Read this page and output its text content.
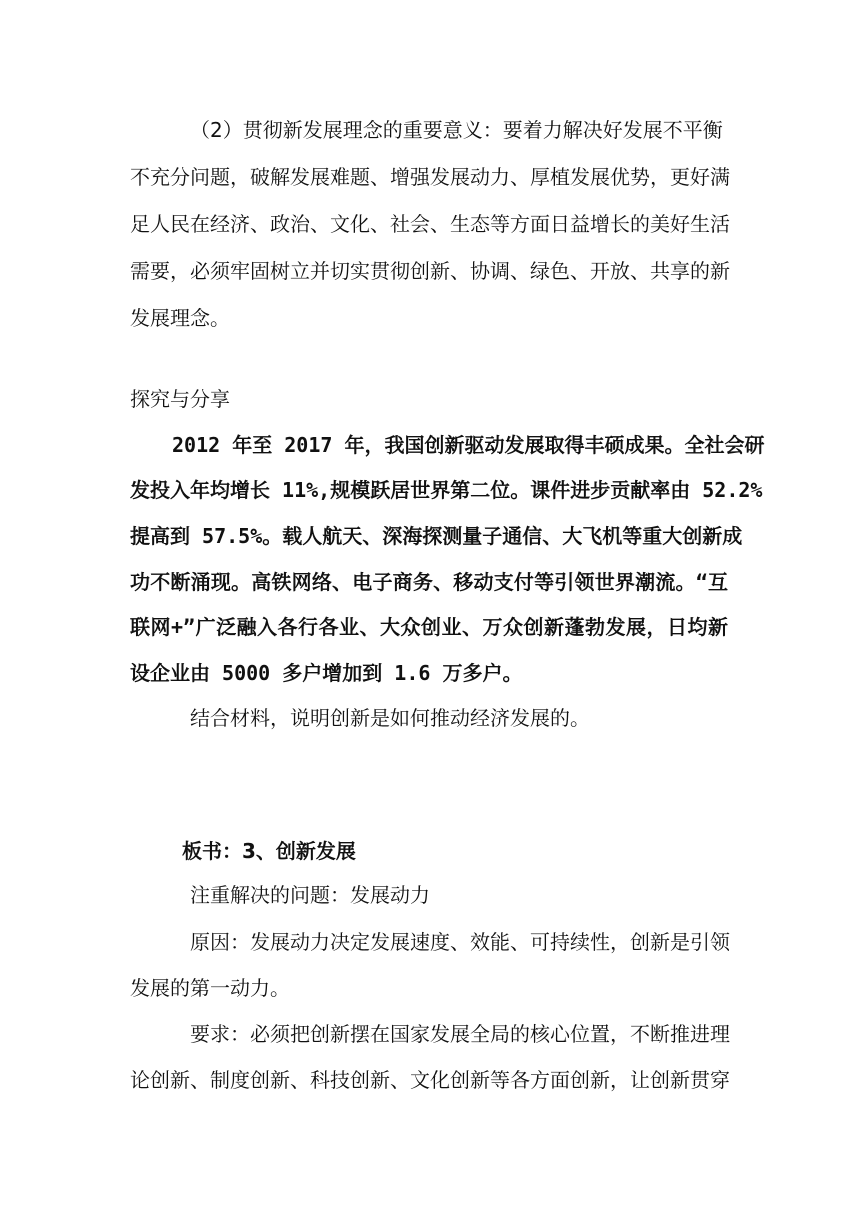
（2）贯彻新发展理念的重要意义：要着力解决好发展不平衡
不充分问题，破解发展难题、增强发展动力、厚植发展优势，更好满
足人民在经济、政治、文化、社会、生态等方面日益增长的美好生活
需要，必须牢固树立并切实贯彻创新、协调、绿色、开放、共享的新
发展理念。
探究与分享
2012 年至 2017 年，我国创新驱动发展取得丰硕成果。全社会研
发投入年均增长 11%,规模跃居世界第二位。课件进步贡献率由 52.2%
提高到 57.5%。载人航天、深海探测量子通信、大飞机等重大创新成
功不断涌现。高铁网络、电子商务、移动支付等引领世界潮流。“互
联网+”广泛融入各行各业、大众创业、万众创新蓬勃发展，日均新
设企业由 5000 多户增加到 1.6 万多户。
结合材料，说明创新是如何推动经济发展的。
板书：3、创新发展
注重解决的问题：发展动力
原因：发展动力决定发展速度、效能、可持续性，创新是引领
发展的第一动力。
要求：必须把创新摆在国家发展全局的核心位置，不断推进理
论创新、制度创新、科技创新、文化创新等各方面创新，让创新贯穿
